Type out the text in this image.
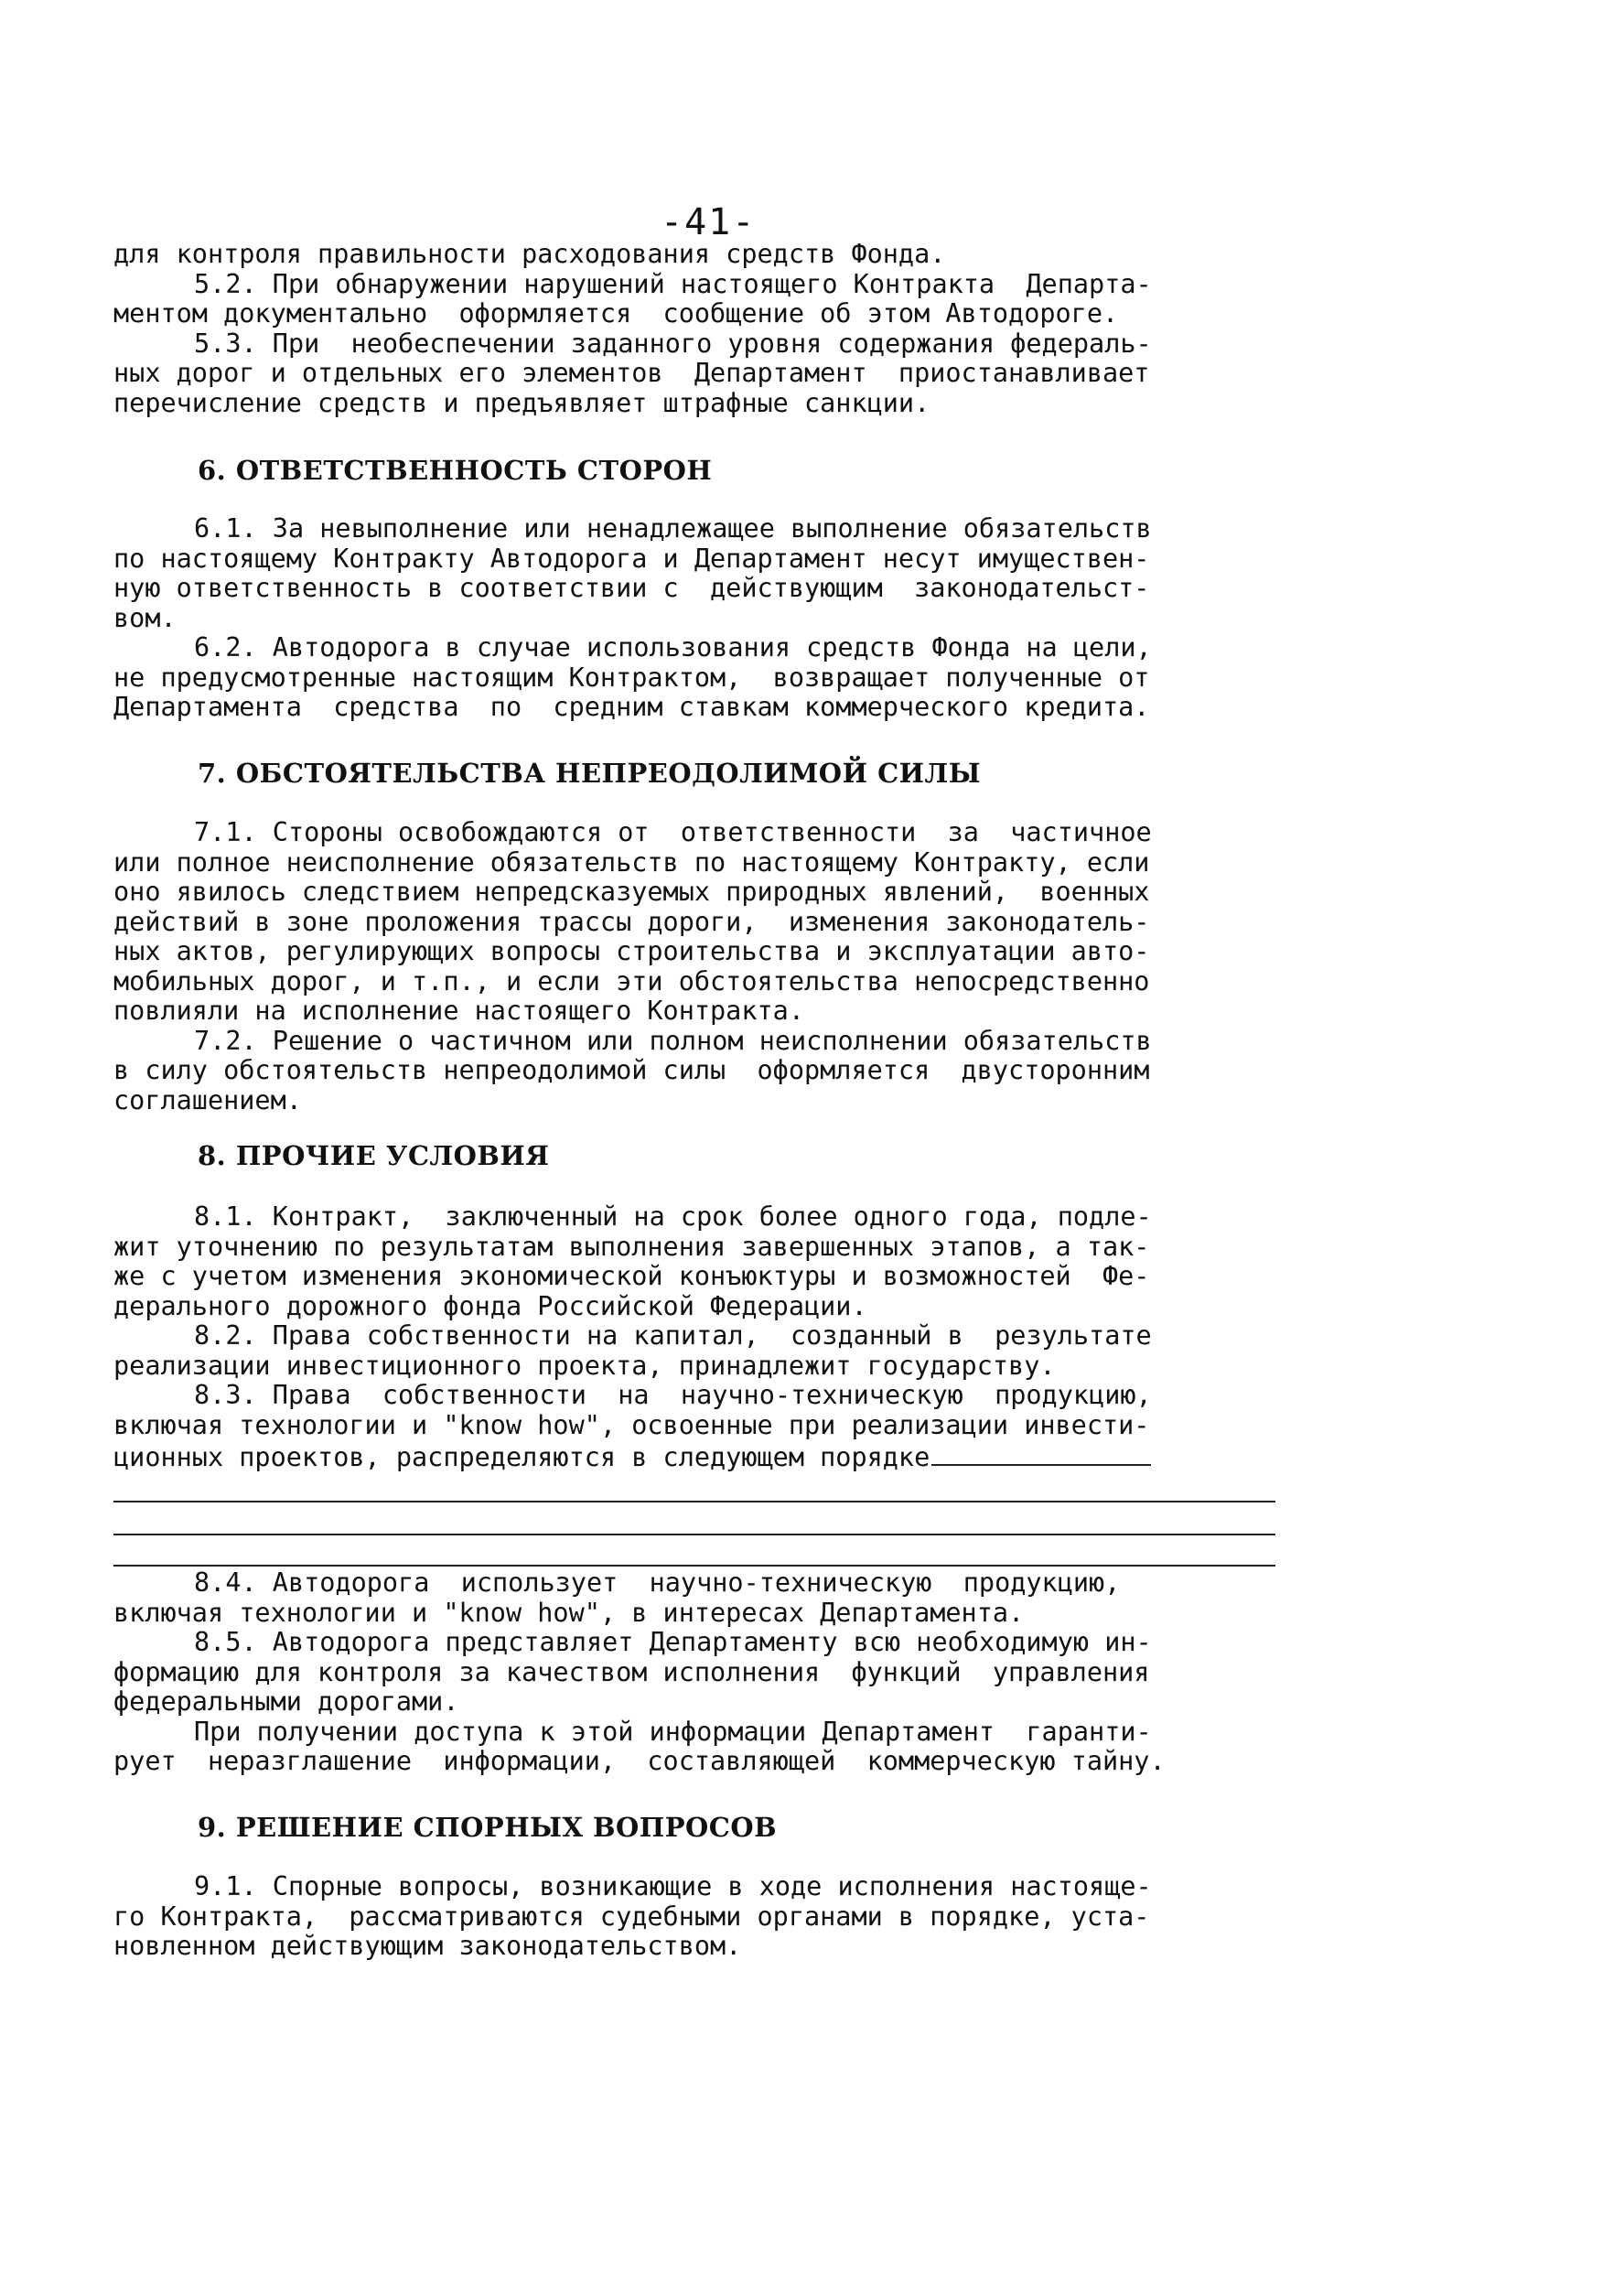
-41-
для контроля правильности расходования средств Фонда.
5.2. При обнаружении нарушений настоящего Контракта  Департа-
ментом документально  оформляется  сообщение об этом Автодороге.
5.3. При  необеспечении заданного уровня содержания федераль-
ных дорог и отдельных его элементов  Департамент  приостанавливает
перечисление средств и предъявляет штрафные санкции.
6. ОТВЕТСТВЕННОСТЬ СТОРОН
6.1. За невыполнение или ненадлежащее выполнение обязательств
по настоящему Контракту Автодорога и Департамент несут имуществен-
ную ответственность в соответствии с  действующим  законодательст-
вом.
6.2. Автодорога в случае использования средств Фонда на цели,
не предусмотренные настоящим Контрактом,  возвращает полученные от
Департамента  средства  по  средним ставкам коммерческого кредита.
7. ОБСТОЯТЕЛЬСТВА НЕПРЕОДОЛИМОЙ СИЛЫ
7.1. Стороны освобождаются от  ответственности  за  частичное
или полное неисполнение обязательств по настоящему Контракту, если
оно явилось следствием непредсказуемых природных явлений,  военных
действий в зоне проложения трассы дороги,  изменения законодатель-
ных актов, регулирующих вопросы строительства и эксплуатации авто-
мобильных дорог, и т.п., и если эти обстоятельства непосредственно
повлияли на исполнение настоящего Контракта.
7.2. Решение о частичном или полном неисполнении обязательств
в силу обстоятельств непреодолимой силы  оформляется  двусторонним
соглашением.
8. ПРОЧИЕ УСЛОВИЯ
8.1. Контракт,  заключенный на срок более одного года, подле-
жит уточнению по результатам выполнения завершенных этапов, а так-
же с учетом изменения экономической конъюктуры и возможностей  Фе-
дерального дорожного фонда Российской Федерации.
8.2. Права собственности на капитал,  созданный в  результате
реализации инвестиционного проекта, принадлежит государству.
8.3. Права  собственности  на  научно-техническую  продукцию,
включая технологии и "know how", освоенные при реализации инвести-
ционных проектов, распределяются в следующем порядке
8.4. Автодорога  использует  научно-техническую  продукцию,
включая технологии и "know how", в интересах Департамента.
8.5. Автодорога представляет Департаменту всю необходимую ин-
формацию для контроля за качеством исполнения  функций  управления
федеральными дорогами.
При получении доступа к этой информации Департамент  гаранти-
рует  неразглашение  информации,  составляющей  коммерческую тайну.
9. РЕШЕНИЕ СПОРНЫХ ВОПРОСОВ
9.1. Спорные вопросы, возникающие в ходе исполнения настояще-
го Контракта,  рассматриваются судебными органами в порядке, уста-
новленном действующим законодательством.
